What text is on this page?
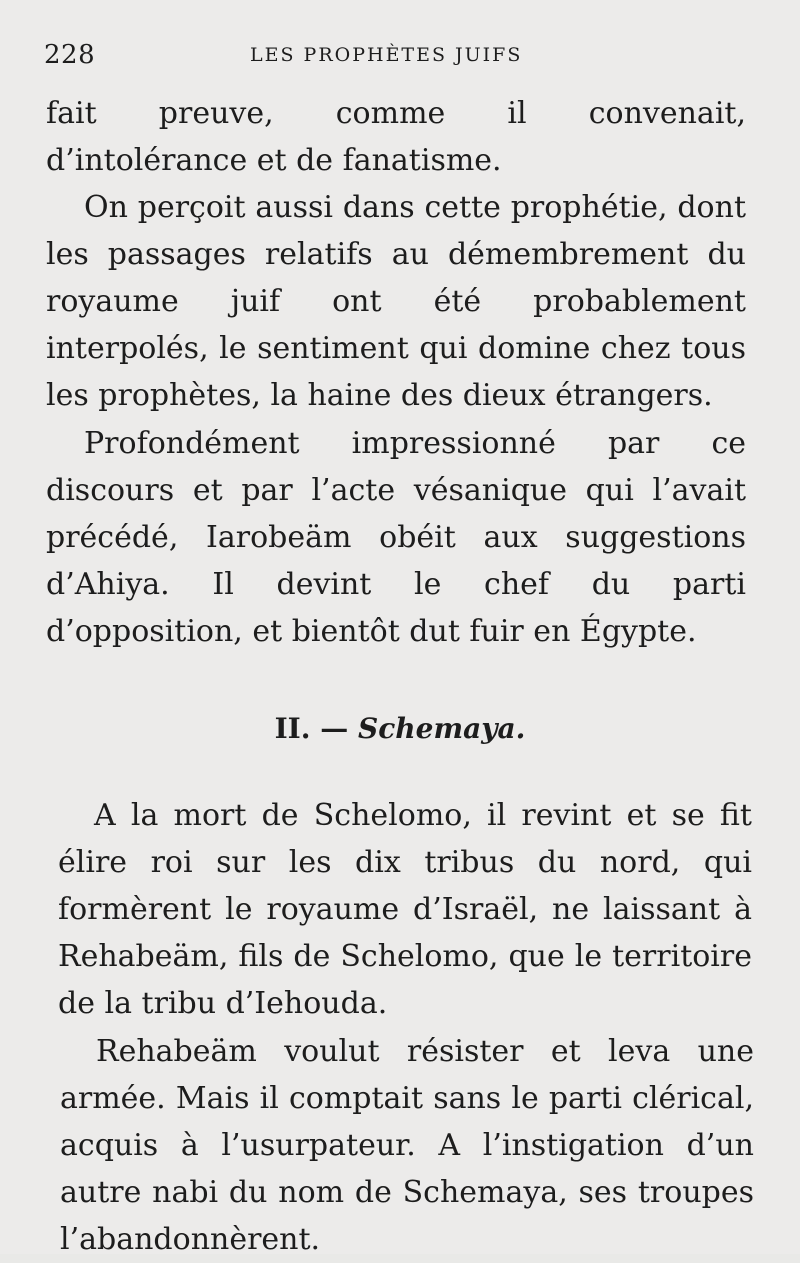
228	LES PROPHÈTES JUIFS

fait preuve, comme il convenait, d’intolérance et de fanatisme.

On perçoit aussi dans cette prophétie, dont les passages relatifs au démembrement du royaume juif ont été probablement interpolés, le sentiment qui domine chez tous les prophètes, la haine des dieux étrangers.

Profondément impressionné par ce discours et par l’acte vésanique qui l’avait précédé, Iarobeäm obéit aux suggestions d’Ahiya. Il devint le chef du parti d’opposition, et bientôt dut fuir en Égypte.

II. — Schemaya.

A la mort de Schelomo, il revint et se fit élire roi sur les dix tribus du nord, qui formèrent le royaume d’Israël, ne laissant à Rehabeäm, fils de Schelomo, que le territoire de la tribu d’Iehouda.

Rehabeäm voulut résister et leva une armée. Mais il comptait sans le parti clérical, acquis à l’usurpateur. A l’instigation d’un autre nabi du nom de Schemaya, ses troupes l’abandonnèrent.
